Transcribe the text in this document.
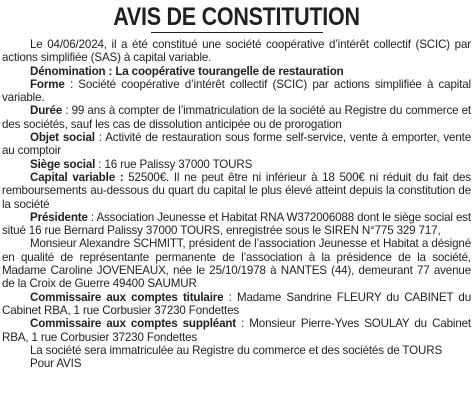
AVIS DE CONSTITUTION

Le 04/06/2024, il a été constitué une société coopérative d’intérêt collectif (SCIC) par actions simplifiée (SAS) à capital variable.

Dénomination : La coopérative tourangelle de restauration

Forme : Société coopérative d’intérêt collectif (SCIC) par actions simplifiée à capital variable.

Durée : 99 ans à compter de l’immatriculation de la société au Registre du commerce et des sociétés, sauf les cas de dissolution anticipée ou de prorogation

Objet social : Activité de restauration sous forme self-service, vente à emporter, vente au comptoir

Siège social : 16 rue Palissy 37000 TOURS

Capital variable : 52500€. Il ne peut être ni inférieur à 18 500€ ni réduit du fait des remboursements au-dessous du quart du capital le plus élevé atteint depuis la constitution de la société

Présidente : Association Jeunesse et Habitat RNA W372006088 dont le siège social est situé 16 rue Bernard Palissy 37000 TOURS, enregistrée sous le SIREN N°775 329 717,

Monsieur Alexandre SCHMITT, président de l’association Jeunesse et Habitat a désigné en qualité de représentante permanente de l’association à la présidence de la société, Madame Caroline JOVENEAUX, née le 25/10/1978 à NANTES (44), demeurant 77 avenue de la Croix de Guerre 49400 SAUMUR

Commissaire aux comptes titulaire : Madame Sandrine FLEURY du CABINET du Cabinet RBA, 1 rue Corbusier 37230 Fondettes

Commissaire aux comptes suppléant : Monsieur Pierre-Yves SOULAY du Cabinet RBA, 1 rue Corbusier 37230 Fondettes

La société sera immatriculée au Registre du commerce et des sociétés de TOURS

Pour AVIS
